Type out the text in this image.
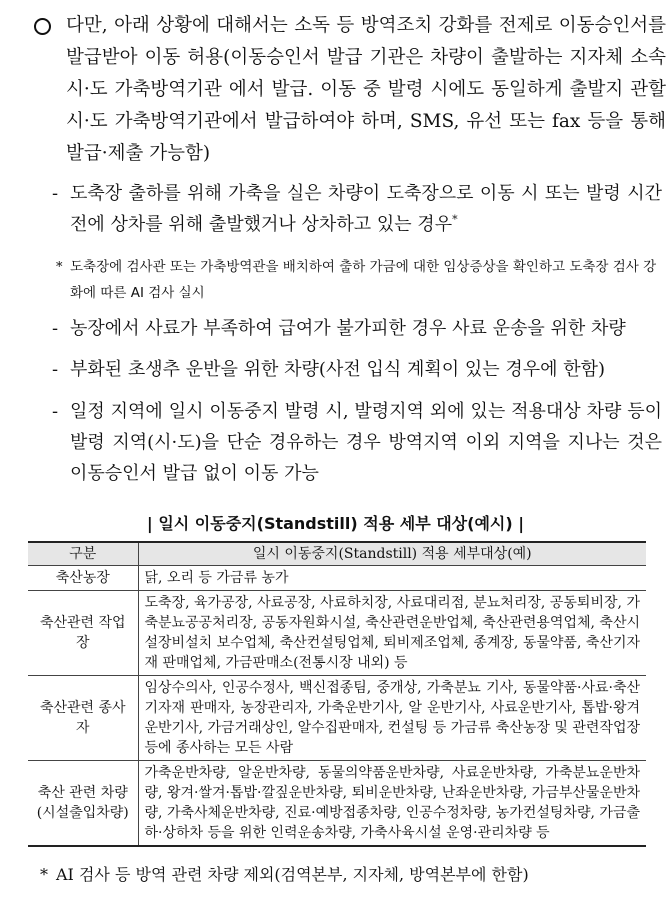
다만, 아래 상황에 대해서는 소독 등 방역조치 강화를 전제로 이동승인서를 발급받아 이동 허용(이동승인서 발급 기관은 차량이 출발하는 지자체 소속 시·도 가축방역기관 에서 발급. 이동 중 발령 시에도 동일하게 출발지 관할 시·도 가축방역기관에서 발급하여야 하며, SMS, 유선 또는 fax 등을 통해 발급·제출 가능함)
- 도축장 출하를 위해 가축을 실은 차량이 도축장으로 이동 시 또는 발령 시간 전에 상차를 위해 출발했거나 상차하고 있는 경우*
* 도축장에 검사관 또는 가축방역관을 배치하여 출하 가금에 대한 임상증상을 확인하고 도축장 검사 강화에 따른 AI 검사 실시
- 농장에서 사료가 부족하여 급여가 불가피한 경우 사료 운송을 위한 차량
- 부화된 초생추 운반을 위한 차량(사전 입식 계획이 있는 경우에 한함)
- 일정 지역에 일시 이동중지 발령 시, 발령지역 외에 있는 적용대상 차량 등이 발령 지역(시·도)을 단순 경유하는 경우 방역지역 이외 지역을 지나는 것은 이동승인서 발급 없이 이동 가능
| 일시 이동중지(Standstill) 적용 세부 대상(예시) |
구분	일시 이동중지(Standstill) 적용 세부대상(예)
축산농장	닭, 오리 등 가금류 농가
축산관련 작업장	도축장, 육가공장, 사료공장, 사료하치장, 사료대리점, 분뇨처리장, 공동퇴비장, 가축분뇨공공처리장, 공동자원화시설, 축산관련운반업체, 축산관련용역업체, 축산시설장비설치 보수업체, 축산컨설팅업체, 퇴비제조업체, 종계장, 동물약품, 축산기자재 판매업체, 가금판매소(전통시장 내외) 등
축산관련 종사자	임상수의사, 인공수정사, 백신접종팀, 중개상, 가축분뇨 기사, 동물약품·사료·축산기자재 판매자, 농장관리자, 가축운반기사, 알 운반기사, 사료운반기사, 톱밥·왕겨 운반기사, 가금거래상인, 알수집판매자, 컨설팅 등 가금류 축산농장 및 관련작업장 등에 종사하는 모든 사람
축산 관련 차량 (시설출입차량)	가축운반차량, 알운반차량, 동물의약품운반차량, 사료운반차량, 가축분뇨운반차량, 왕겨·쌀겨·톱밥·깔짚운반차량, 퇴비운반차량, 난좌운반차량, 가금부산물운반차량, 가축사체운반차량, 진료·예방접종차량, 인공수정차량, 농가컨설팅차량, 가금출하·상하차 등을 위한 인력운송차량, 가축사육시설 운영·관리차량 등
* AI 검사 등 방역 관련 차량 제외(검역본부, 지자체, 방역본부에 한함)
